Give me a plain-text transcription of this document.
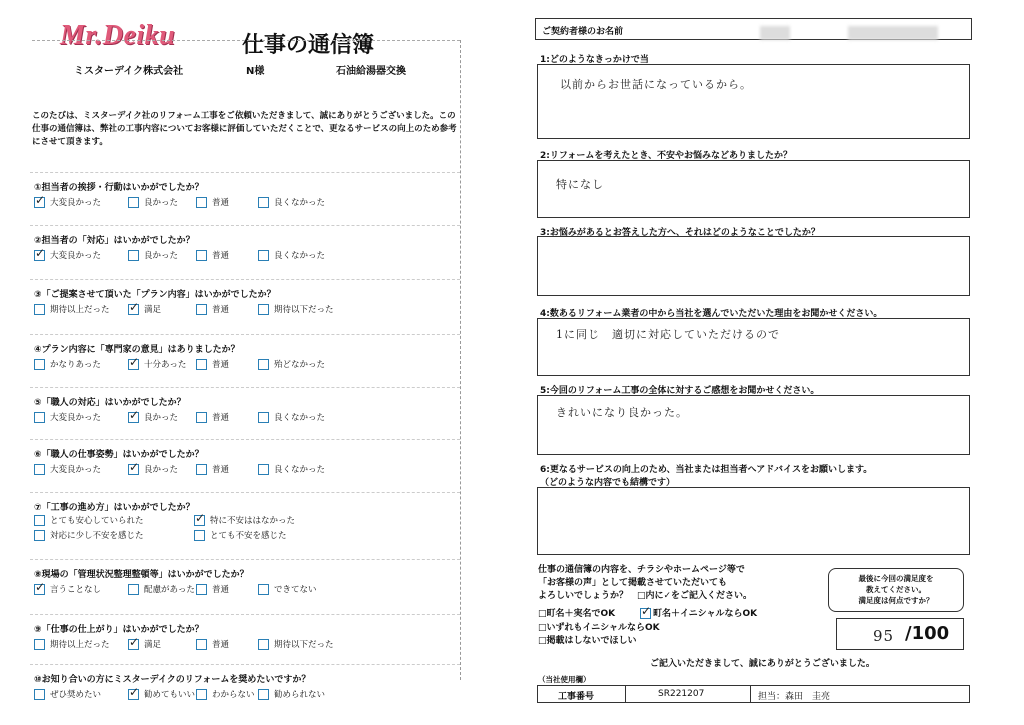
Mr.Deiku	仕事の通信簿
ミスターデイク株式会社	N様	石油給湯器交換
このたびは、ミスターデイク社のリフォーム工事をご依頼いただきまして、誠にありがとうございました。この仕事の通信簿は、弊社の工事内容についてお客様に評価していただくことで、更なるサービスの向上のため参考にさせて頂きます。
①担当者の挨拶・行動はいかがでしたか？
✓大変良かった	良かった	普通	良くなかった
②担当者の「対応」はいかがでしたか？
✓大変良かった	良かった	普通	良くなかった
③「ご提案させて頂いた「プラン内容」はいかがでしたか？
期待以上だった ✓	満足	普通	期待以下だった
④プラン内容に「専門家の意見」はありましたか？
かなりあった ✓	十分あった	普通	殆どなかった
⑤「職人の対応」はいかがでしたか？
大変良かった ✓	良かった	普通	良くなかった
⑥「職人の仕事姿勢」はいかがでしたか？
大変良かった ✓	良かった	普通	良くなかった
⑦「工事の進め方」はいかがでしたか？
とても安心していられた ✓	特に不安ははなかった
対応に少し不安を感じた	とても不安を感じた
⑧現場の「管理状況整理整頓等」はいかがでしたか？
✓言うことなし	配慮があった	普通	できてない
⑨「仕事の仕上がり」はいかがでしたか？
期待以上だった ✓	満足	普通	期待以下だった
⑩お知り合いの方にミスターデイクのリフォームを奨めたいですか？
ぜひ奨めたい ✓	勧めてもいい	わからない	勧められない
ご契約者様のお名前
1:どのようなきっかけで当
以前からお世話になっているから。
2:リフォームを考えたとき、不安やお悩みなどありましたか？
特になし
3:お悩みがあるとお答えした方へ、それはどのようなことでしたか？
4:数あるリフォーム業者の中から当社を選んでいただいた理由をお聞かせください。
1に同じ　適切に対応していただけるので
5:今回のリフォーム工事の全体に対するご感想をお聞かせください。
きれいになり良かった。
6:更なるサービスの向上のため、当社または担当者へアドバイスをお願いします。
（どのような内容でも結構です）
仕事の通信簿の内容を、チラシやホームページ等で
「お客様の声」として掲載させていただいても
よろしいでしょうか？　□内に✓をご記入ください。
□町名＋実名でOK ✓	町名＋イニシャルならOK
□いずれもイニシャルならOK
□掲載はしないでほしい
最後に今回の満足度を
教えてください。
満足度は何点ですか？
95 /100
ご記入いただきまして、誠にありがとうございました。
（当社使用欄）
工事番号	SR221207	担当：森田　圭亮
